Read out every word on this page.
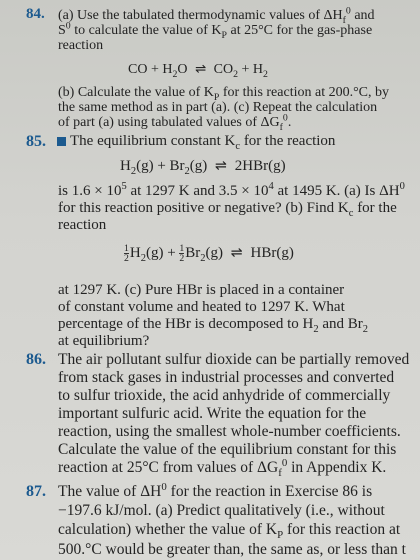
84. (a) Use the tabulated thermodynamic values of $\Delta H_f^0$ and
$S^0$ to calculate the value of $K_P$ at 25°C for the gas-phase
reaction
CO + $H_2O$ ⇌ $CO_2 + H_2$
(b) Calculate the value of $K_P$ for this reaction at 200.°C, by
the same method as in part (a). (c) Repeat the calculation
of part (a) using tabulated values of $\Delta G_f^0$.
85.	The equilibrium constant $K_c$ for the reaction
$H_2(g) + Br_2(g)$ ⇌ 2HBr(g)
is $1.6 \times 10^5$ at 1297 K and $3.5 \times 10^4$ at 1495 K. (a) Is $\Delta H^0$
for this reaction positive or negative? (b) Find $K_c$ for the
reaction
$\frac{1}{2} H_2(g) + \frac{1}{2} Br_2(g)$ ⇌ HBr(g)
at 1297 K. (c) Pure HBr is placed in a container
of constant volume and heated to 1297 K. What
percentage of the HBr is decomposed to $H_2$ and $Br_2$
at equilibrium?
86. The air pollutant sulfur dioxide can be partially removed
from stack gases in industrial processes and converted
to sulfur trioxide, the acid anhydride of commercially
important sulfuric acid. Write the equation for the
reaction, using the smallest whole-number coefficients.
Calculate the value of the equilibrium constant for this
reaction at 25°C from values of $\Delta G_f^0$ in Appendix K.
87. The value of $\Delta H^0$ for the reaction in Exercise 86 is
−197.6 kJ/mol. (a) Predict qualitatively (i.e., without
calculation) whether the value of $K_P$ for this reaction at
500.°C would be greater than, the same as, or less than t
